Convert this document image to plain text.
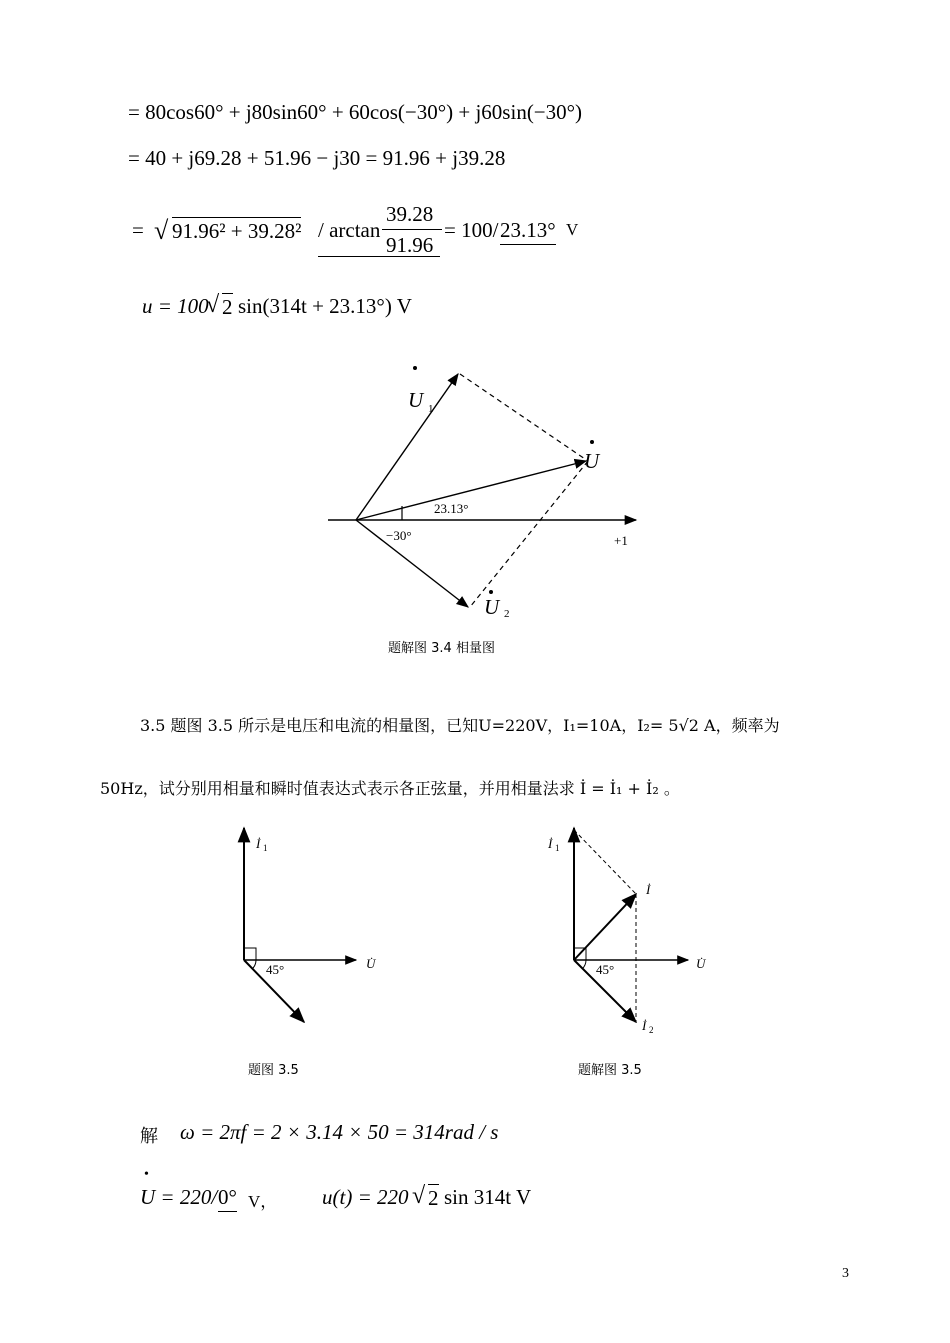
= 80cos60° + j80sin60° + 60cos(−30°) + j60sin(−30°)
= 40 + j69.28 + 51.96 − j30 = 91.96 + j39.28
= √ 91.96² + 39.28² / arctan
39.28
91.96
= 100/ 23.13° V
u = 100
√ 2 sin(314t + 23.13°) V
U 1
U
U 2
23.13°
−30°	+1
题解图 3.4 相量图
3.5 题图 3.5 所示是电压和电流的相量图，已知U=220V，I₁=10A，I₂= 5√2 A，频率为
50Hz，试分别用相量和瞬时值表达式表示各正弦量，并用相量法求 İ = İ₁ + İ₂ 。
İ 1
U̇
45°
题图 3.5
İ 1
İ
U̇
45°
İ 2
题解图 3.5
解 ω = 2πf = 2 × 3.14 × 50 = 314rad / s
U = 220/
•
0° V， u(t) = 220 √ 2 sin 314t V
3
